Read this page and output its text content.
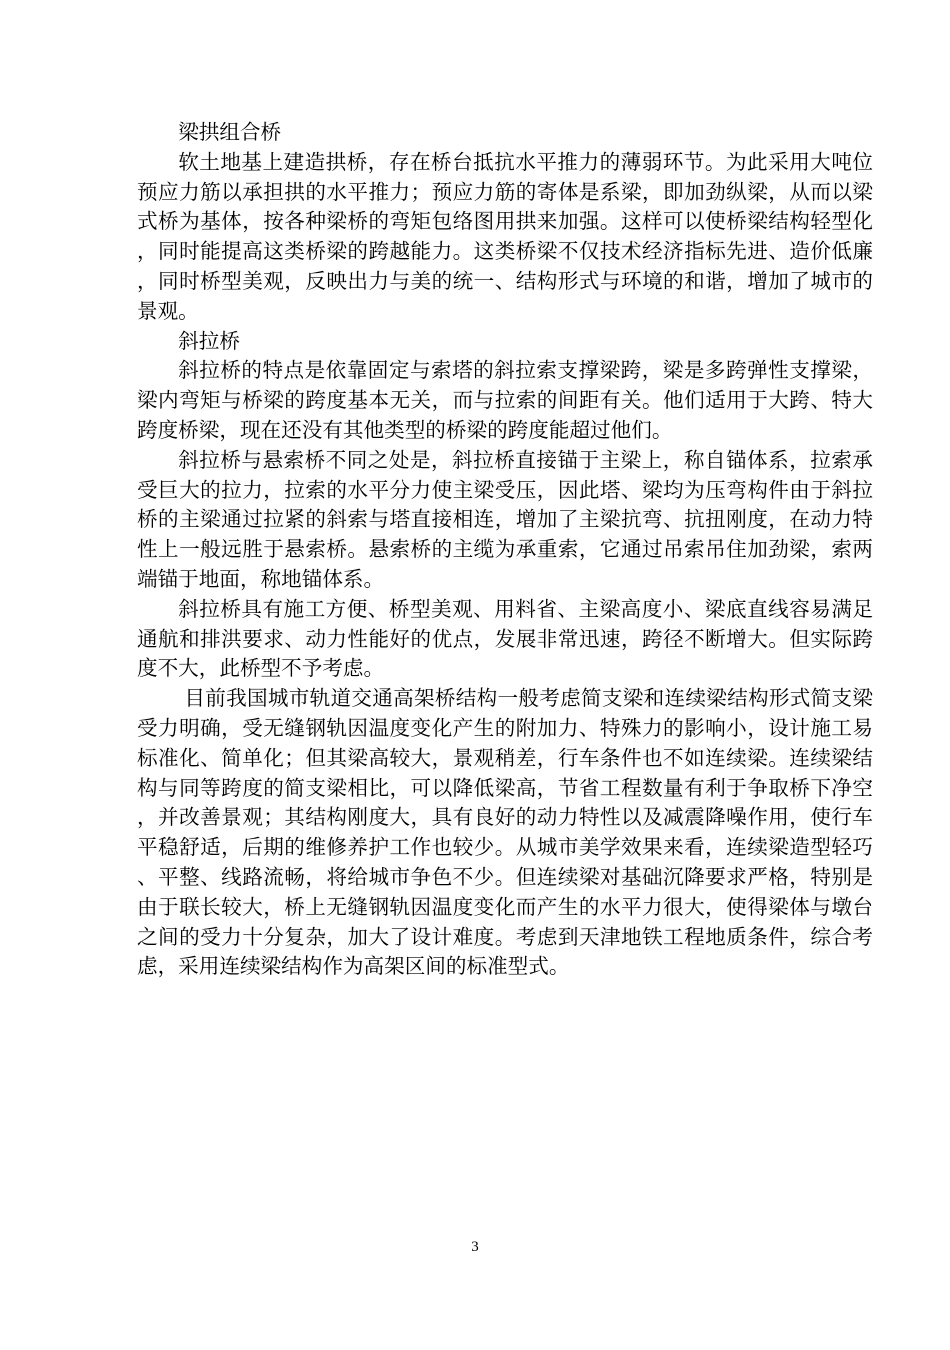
梁拱组合桥

软土地基上建造拱桥，存在桥台抵抗水平推力的薄弱环节。为此采用大吨位预应力筋以承担拱的水平推力；预应力筋的寄体是系梁，即加劲纵梁，从而以梁式桥为基体，按各种梁桥的弯矩包络图用拱来加强。这样可以使桥梁结构轻型化，同时能提高这类桥梁的跨越能力。这类桥梁不仅技术经济指标先进、造价低廉，同时桥型美观，反映出力与美的统一、结构形式与环境的和谐，增加了城市的景观。

斜拉桥

斜拉桥的特点是依靠固定与索塔的斜拉索支撑梁跨，梁是多跨弹性支撑梁，梁内弯矩与桥梁的跨度基本无关，而与拉索的间距有关。他们适用于大跨、特大跨度桥梁，现在还没有其他类型的桥梁的跨度能超过他们。

斜拉桥与悬索桥不同之处是，斜拉桥直接锚于主梁上，称自锚体系，拉索承受巨大的拉力，拉索的水平分力使主梁受压，因此塔、梁均为压弯构件由于斜拉桥的主梁通过拉紧的斜索与塔直接相连，增加了主梁抗弯、抗扭刚度，在动力特性上一般远胜于悬索桥。悬索桥的主缆为承重索，它通过吊索吊住加劲梁，索两端锚于地面，称地锚体系。

斜拉桥具有施工方便、桥型美观、用料省、主梁高度小、梁底直线容易满足通航和排洪要求、动力性能好的优点，发展非常迅速，跨径不断增大。但实际跨度不大，此桥型不予考虑。

目前我国城市轨道交通高架桥结构一般考虑简支梁和连续梁结构形式简支梁受力明确，受无缝钢轨因温度变化产生的附加力、特殊力的影响小，设计施工易标准化、简单化；但其梁高较大，景观稍差，行车条件也不如连续梁。连续梁结构与同等跨度的简支梁相比，可以降低梁高，节省工程数量有利于争取桥下净空，并改善景观；其结构刚度大，具有良好的动力特性以及减震降噪作用，使行车平稳舒适，后期的维修养护工作也较少。从城市美学效果来看，连续梁造型轻巧、平整、线路流畅，将给城市争色不少。但连续梁对基础沉降要求严格，特别是由于联长较大，桥上无缝钢轨因温度变化而产生的水平力很大，使得梁体与墩台之间的受力十分复杂，加大了设计难度。考虑到天津地铁工程地质条件，综合考虑，采用连续梁结构作为高架区间的标准型式。

3
